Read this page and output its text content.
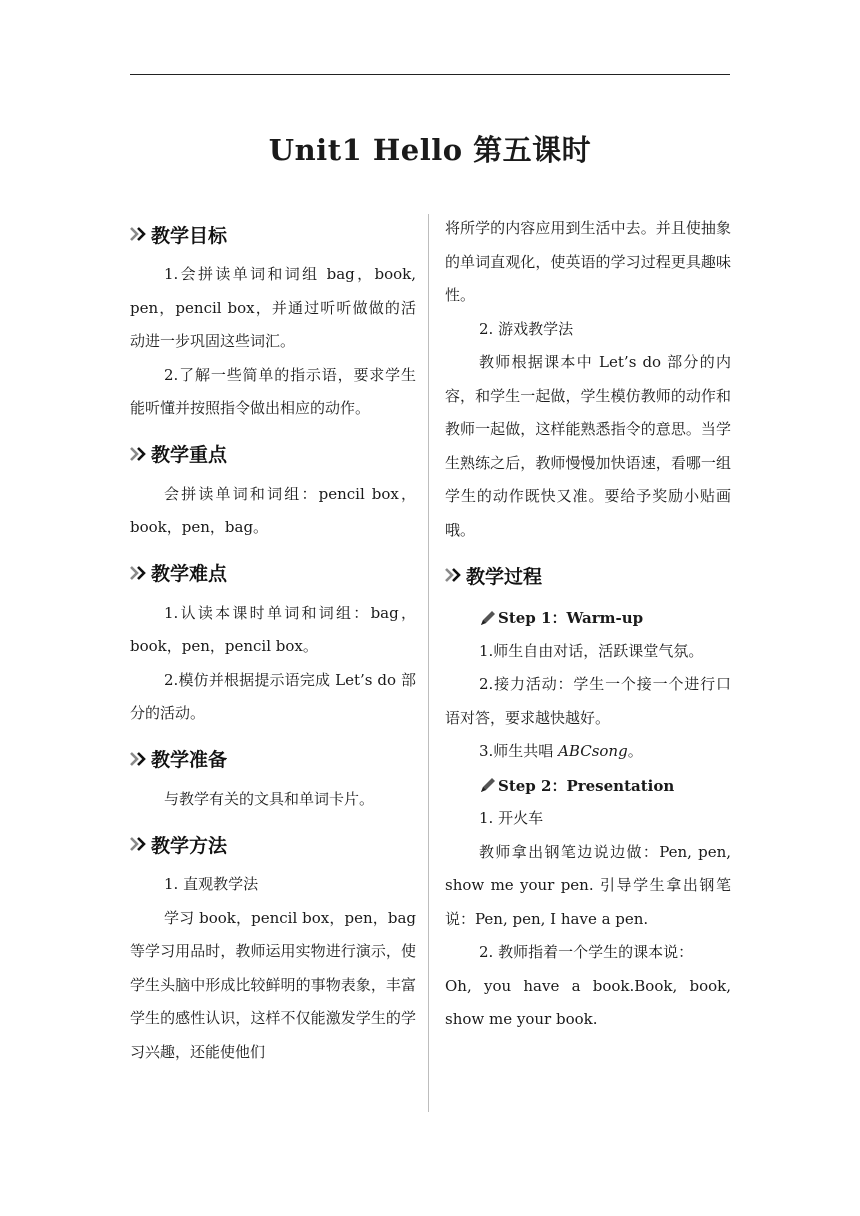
Unit1 Hello 第五课时
教学目标

1.会拼读单词和词组 bag，book, pen，pencil box，并通过听听做做的活动进一步巩固这些词汇。

2.了解一些简单的指示语，要求学生能听懂并按照指令做出相应的动作。

教学重点

会拼读单词和词组：pencil box，book，pen，bag。

教学难点

1.认读本课时单词和词组：bag，book，pen，pencil box。

2.模仿并根据提示语完成 Let’s do 部分的活动。

教学准备

与教学有关的文具和单词卡片。

教学方法

1. 直观教学法

学习 book，pencil box，pen，bag 等学习用品时，教师运用实物进行演示，使学生头脑中形成比较鲜明的事物表象，丰富学生的感性认识，这样不仅能激发学生的学习兴趣，还能使他们

将所学的内容应用到生活中去。并且使抽象的单词直观化，使英语的学习过程更具趣味性。

2. 游戏教学法

教师根据课本中 Let’s do 部分的内容，和学生一起做，学生模仿教师的动作和教师一起做，这样能熟悉指令的意思。当学生熟练之后，教师慢慢加快语速，看哪一组学生的动作既快又准。要给予奖励小贴画哦。

教学过程
Step 1：Warm-up

1.师生自由对话，活跃课堂气氛。

2.接力活动：学生一个接一个进行口语对答，要求越快越好。

3.师生共唱 ABCsong。

Step 2：Presentation

1. 开火车

教师拿出钢笔边说边做：Pen, pen, show me your pen. 引导学生拿出钢笔说：Pen, pen, I have a pen.

2. 教师指着一个学生的课本说：

Oh, you have a book.Book, book, show me your book.
